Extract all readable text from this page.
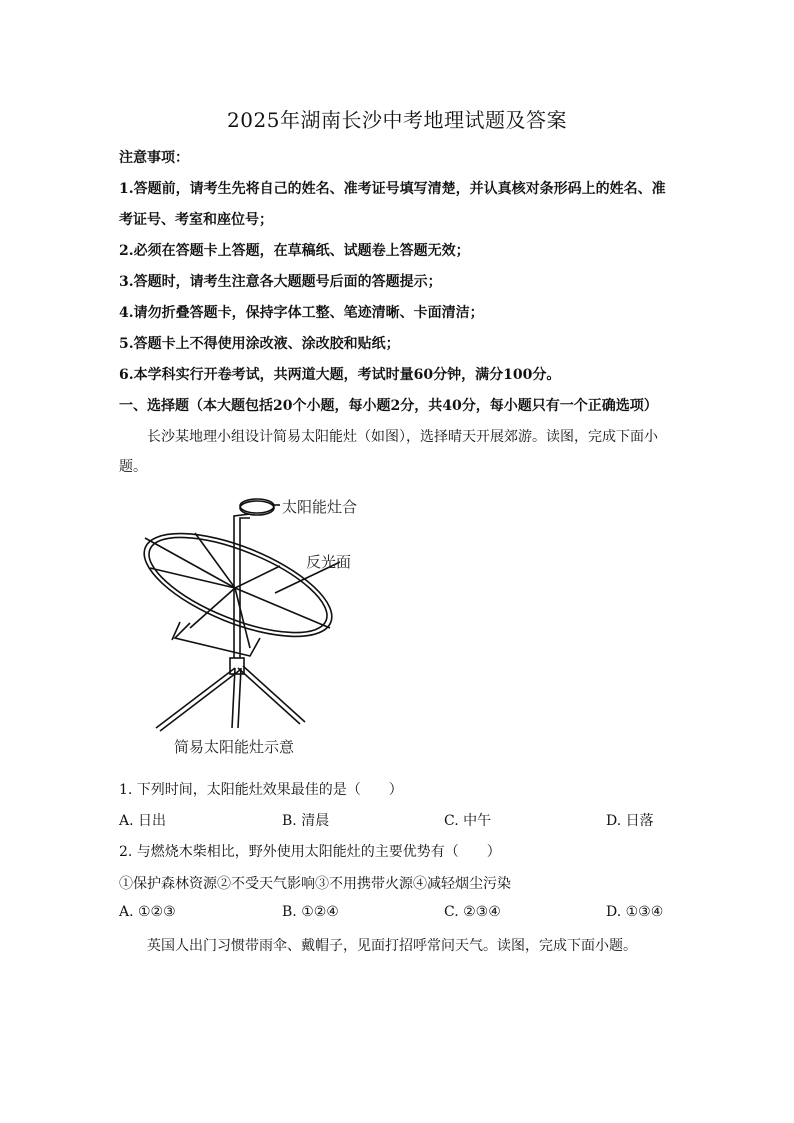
2025年湖南长沙中考地理试题及答案
注意事项：
1.答题前，请考生先将自己的姓名、准考证号填写清楚，并认真核对条形码上的姓名、准
考证号、考室和座位号；
2.必须在答题卡上答题，在草稿纸、试题卷上答题无效；
3.答题时，请考生注意各大题题号后面的答题提示；
4.请勿折叠答题卡，保持字体工整、笔迹清晰、卡面清洁；
5.答题卡上不得使用涂改液、涂改胶和贴纸；
6.本学科实行开卷考试，共两道大题，考试时量60分钟，满分100分。
一、选择题（本大题包括20个小题，每小题2分，共40分，每小题只有一个正确选项）
长沙某地理小组设计简易太阳能灶（如图），选择晴天开展郊游。读图，完成下面小
题。
太阳能灶合
反光面
简易太阳能灶示意
1. 下列时间，太阳能灶效果最佳的是（　　）
A. 日出	B. 清晨	C. 中午	D. 日落
2. 与燃烧木柴相比，野外使用太阳能灶的主要优势有（　　）
①保护森林资源②不受天气影响③不用携带火源④减轻烟尘污染
A. ①②③	B. ①②④	C. ②③④	D. ①③④
英国人出门习惯带雨伞、戴帽子，见面打招呼常问天气。读图，完成下面小题。
